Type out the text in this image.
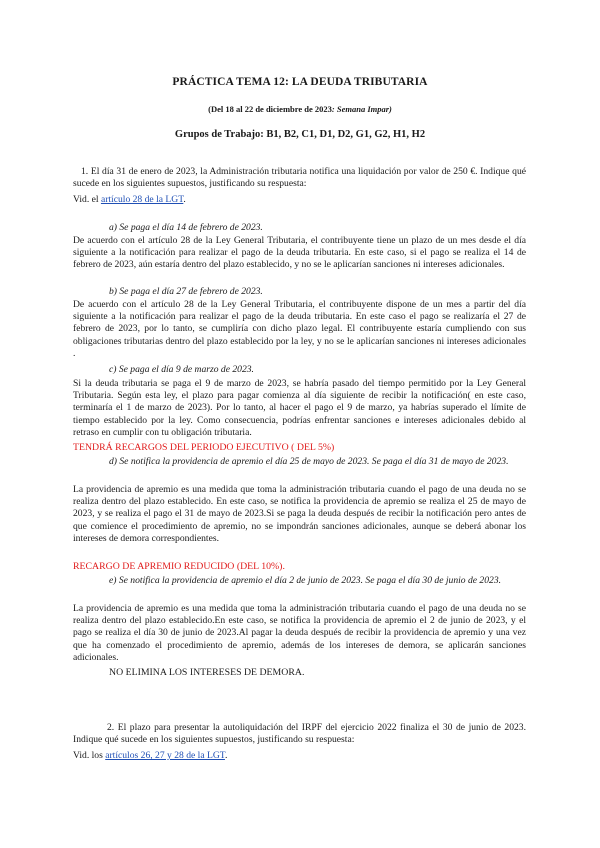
PRÁCTICA TEMA 12: LA DEUDA TRIBUTARIA
(Del 18 al 22 de diciembre de 2023: Semana Impar)
Grupos de Trabajo: B1, B2, C1, D1, D2, G1, G2, H1, H2
1. El día 31 de enero de 2023, la Administración tributaria notifica una liquidación por valor de 250 €. Indique qué sucede en los siguientes supuestos, justificando su respuesta:
Vid. el artículo 28 de la LGT.
a) Se paga el día 14 de febrero de 2023.
De acuerdo con el artículo 28 de la Ley General Tributaria, el contribuyente tiene un plazo de un mes desde el día siguiente a la notificación para realizar el pago de la deuda tributaria. En este caso, si el pago se realiza el 14 de febrero de 2023, aún estaría dentro del plazo establecido, y no se le aplicarían sanciones ni intereses adicionales.
b) Se paga el día 27 de febrero de 2023.
De acuerdo con el artículo 28 de la Ley General Tributaria, el contribuyente dispone de un mes a partir del día siguiente a la notificación para realizar el pago de la deuda tributaria. En este caso el pago se realizaría el 27 de febrero de 2023, por lo tanto, se cumpliría con dicho plazo legal. El contribuyente estaría cumpliendo con sus obligaciones tributarias dentro del plazo establecido por la ley, y no se le aplicarían sanciones ni intereses adicionales .
c) Se paga el día 9 de marzo de 2023.
Si la deuda tributaria se paga el 9 de marzo de 2023, se habría pasado del tiempo permitido por la Ley General Tributaria. Según esta ley, el plazo para pagar comienza al día siguiente de recibir la notificación( en este caso, terminaría el 1 de marzo de 2023). Por lo tanto, al hacer el pago el 9 de marzo, ya habrías superado el límite de tiempo establecido por la ley. Como consecuencia, podrías enfrentar sanciones e intereses adicionales debido al retraso en cumplir con tu obligación tributaria.
TENDRÁ RECARGOS DEL PERIODO EJECUTIVO ( DEL 5%)
d) Se notifica la providencia de apremio el día 25 de mayo de 2023. Se paga el día 31 de mayo de 2023.
La providencia de apremio es una medida que toma la administración tributaria cuando el pago de una deuda no se realiza dentro del plazo establecido. En este caso, se notifica la providencia de apremio se realiza el 25 de mayo de 2023, y se realiza el pago el 31 de mayo de 2023.Si se paga la deuda después de recibir la notificación pero antes de que comience el procedimiento de apremio, no se impondrán sanciones adicionales, aunque se deberá abonar los intereses de demora correspondientes.
RECARGO DE APREMIO REDUCIDO (DEL 10%).
e) Se notifica la providencia de apremio el día 2 de junio de 2023. Se paga el día 30 de junio de 2023.
La providencia de apremio es una medida que toma la administración tributaria cuando el pago de una deuda no se realiza dentro del plazo establecido.En este caso, se notifica la providencia de apremio el 2 de junio de 2023, y el pago se realiza el día 30 de junio de 2023.Al pagar la deuda después de recibir la providencia de apremio y una vez que ha comenzado el procedimiento de apremio, además de los intereses de demora, se aplicarán sanciones adicionales.
NO ELIMINA LOS INTERESES DE DEMORA.
2. El plazo para presentar la autoliquidación del IRPF del ejercicio 2022 finaliza el 30 de junio de 2023. Indique qué sucede en los siguientes supuestos, justificando su respuesta:
Vid. los artículos 26, 27 y 28 de la LGT.
